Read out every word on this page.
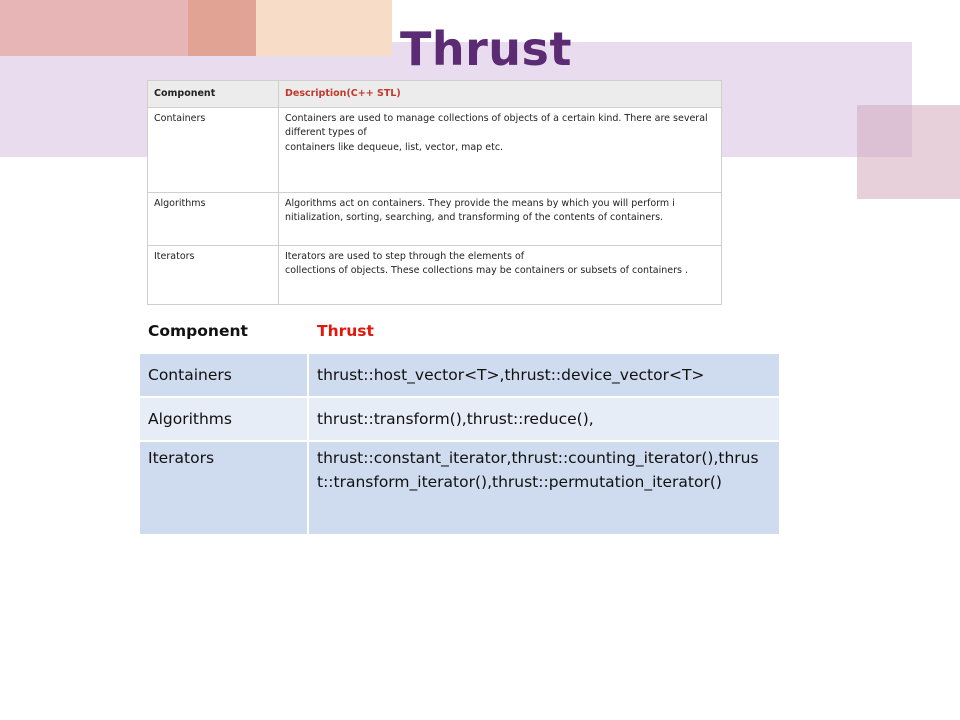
Thrust
Component	Description(C++ STL)
Containers	Containers are used to manage collections of objects of a certain kind. There are several different types of
containers like dequeue, list, vector, map etc.

Algorithms	Algorithms act on containers. They provide the means by which you will perform i nitialization, sorting, searching, and transforming of the contents of containers.

Iterators	Iterators are used to step through the elements of
collections of objects. These collections may be containers or subsets of containers .
Component	Thrust
Containers	thrust::host_vector<T>,thrust::device_vector<T>
Algorithms	thrust::transform(),thrust::reduce(),
Iterators	thrust::constant_iterator,thrust::counting_iterator(),thrust::transform_iterator(),thrust::permutation_iterator()
